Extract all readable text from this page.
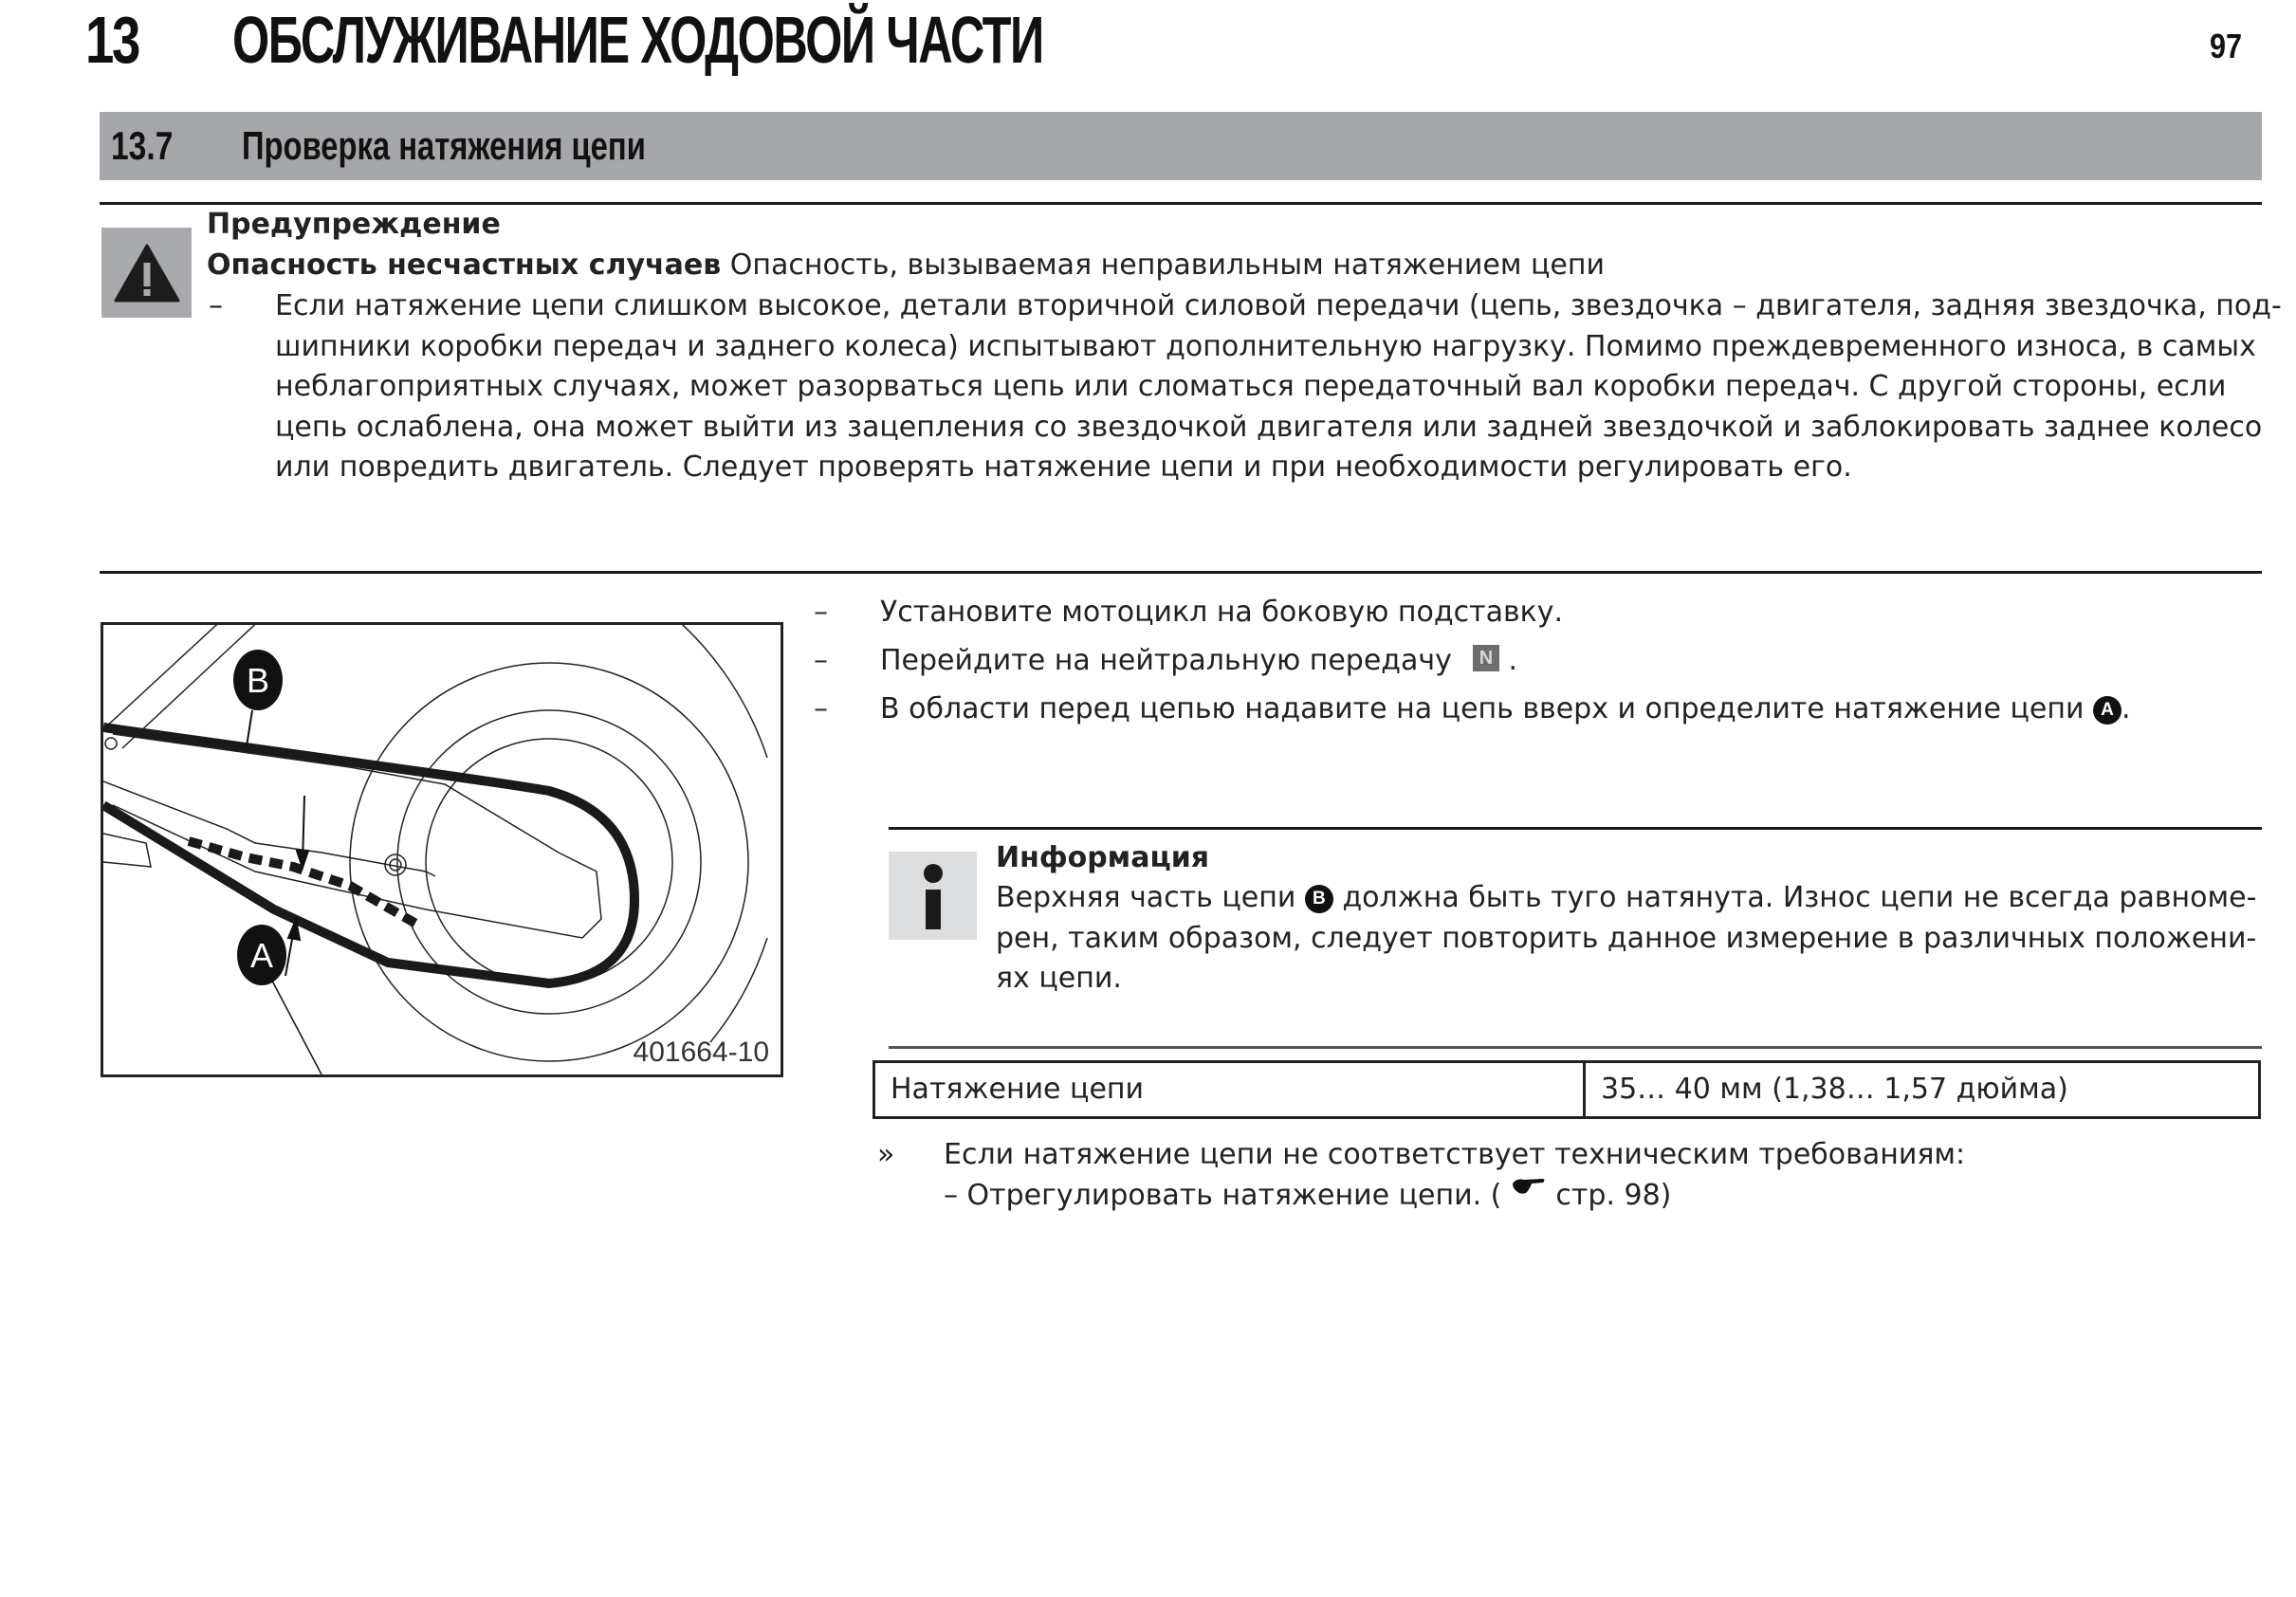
13 ОБСЛУЖИВАНИЕ ХОДОВОЙ ЧАСТИ	97
13.7 Проверка натяжения цепи
Предупреждение
Опасность несчастных случаев Опасность, вызываемая неправильным натяжением цепи
– Если натяжение цепи слишком высокое, детали вторичной силовой передачи (цепь, звездочка – двигателя, задняя звездочка, под-
шипники коробки передач и заднего колеса) испытывают дополнительную нагрузку. Помимо преждевременного износа, в самых
неблагоприятных случаях, может разорваться цепь или сломаться передаточный вал коробки передач. С другой стороны, если
цепь ослаблена, она может выйти из зацепления со звездочкой двигателя или задней звездочкой и заблокировать заднее колесо
или повредить двигатель. Следует проверять натяжение цепи и при необходимости регулировать его.
B
A
401664-10
– Установите мотоцикл на боковую подставку.
– Перейдите на нейтральную передачу N .
– В области перед цепью надавите на цепь вверх и определите натяжение цепи A .
Информация
Верхняя часть цепи B должна быть туго натянута. Износ цепи не всегда равноме-
рен, таким образом, следует повторить данное измерение в различных положени-
ях цепи.
Натяжение цепи	35… 40 мм (1,38… 1,57 дюйма)
» Если натяжение цепи не соответствует техническим требованиям:
– Отрегулировать натяжение цепи. (  стр. 98)
